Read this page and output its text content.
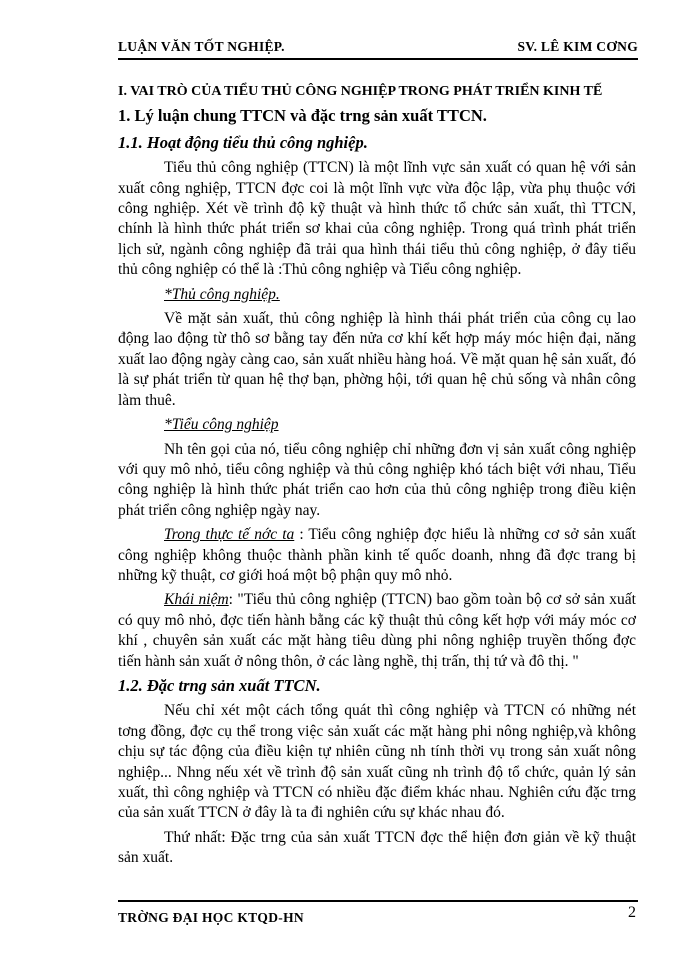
LUẬN VĂN TỐT NGHIỆP.	SV. LÊ KIM CƠNG
I. VAI TRÒ CỦA TIỂU THỦ CÔNG NGHIỆP TRONG PHÁT TRIỂN KINH TẾ
1. Lý luận chung TTCN và đặc trng sản xuất TTCN.
1.1. Hoạt động tiểu thủ công nghiệp.

Tiểu thủ công nghiệp (TTCN) là một lĩnh vực sản xuất có quan hệ với sản xuất công nghiệp, TTCN đợc coi là một lĩnh vực vừa độc lập, vừa phụ thuộc với công nghiệp. Xét về trình độ kỹ thuật và hình thức tổ chức sản xuất, thì TTCN, chính là hình thức phát triển sơ khai của công nghiệp. Trong quá trình phát triển lịch sử, ngành công nghiệp đã trải qua hình thái tiểu thủ công nghiệp, ở đây tiểu thủ công nghiệp có thể là :Thủ công nghiệp và Tiểu công nghiệp.

*Thủ công nghiệp.

Về mặt sản xuất, thủ công nghiệp là hình thái phát triển của công cụ lao động lao động từ thô sơ bằng tay đến nửa cơ khí kết hợp máy móc hiện đại, năng xuất lao động ngày càng cao, sản xuất nhiều hàng hoá. Về mặt quan hệ sản xuất, đó là sự phát triển từ quan hệ thợ bạn, phờng hội, tới quan hệ chủ sống và nhân công làm thuê.

*Tiểu công nghiệp

Nh tên gọi của nó, tiểu công nghiệp chỉ những đơn vị sản xuất công nghiệp với quy mô nhỏ, tiểu công nghiệp và thủ công nghiệp khó tách biệt với nhau, Tiểu công nghiệp là hình thức phát triển cao hơn của thủ công nghiệp trong điều kiện phát triển công nghiệp ngày nay.

Trong thực tế nớc ta : Tiểu công nghiệp đợc hiểu là những cơ sở sản xuất công nghiệp không thuộc thành phần kinh tế quốc doanh, nhng đã đợc trang bị những kỹ thuật, cơ giới hoá một bộ phận quy mô nhỏ.

Khái niệm: "Tiểu thủ công nghiệp (TTCN) bao gồm toàn bộ cơ sở sản xuất có quy mô nhỏ, đợc tiến hành bằng các kỹ thuật thủ công kết hợp với máy móc cơ khí , chuyên sản xuất các mặt hàng tiêu dùng phi nông nghiệp truyền thống đợc tiến hành sản xuất ở nông thôn, ở các làng nghề, thị trấn, thị tứ và đô thị. "

1.2. Đặc trng sản xuất TTCN.

Nếu chỉ xét một cách tổng quát thì công nghiệp và TTCN có những nét tơng đồng, đợc cụ thể trong việc sản xuất các mặt hàng phi nông nghiệp,và không chịu sự tác động của điều kiện tự nhiên cũng nh tính thời vụ trong sản xuất nông nghiệp... Nhng nếu xét về trình độ sản xuất cũng nh trình độ tổ chức, quản lý sản xuất, thì công nghiệp và TTCN có nhiều đặc điểm khác nhau. Nghiên cứu đặc trng của sản xuất TTCN ở đây là ta đi nghiên cứu sự khác nhau đó.

Thứ nhất: Đặc trng của sản xuất TTCN đợc thể hiện đơn giản về kỹ thuật sản xuất.

TRỜNG ĐẠI HỌC KTQD-HN	2
